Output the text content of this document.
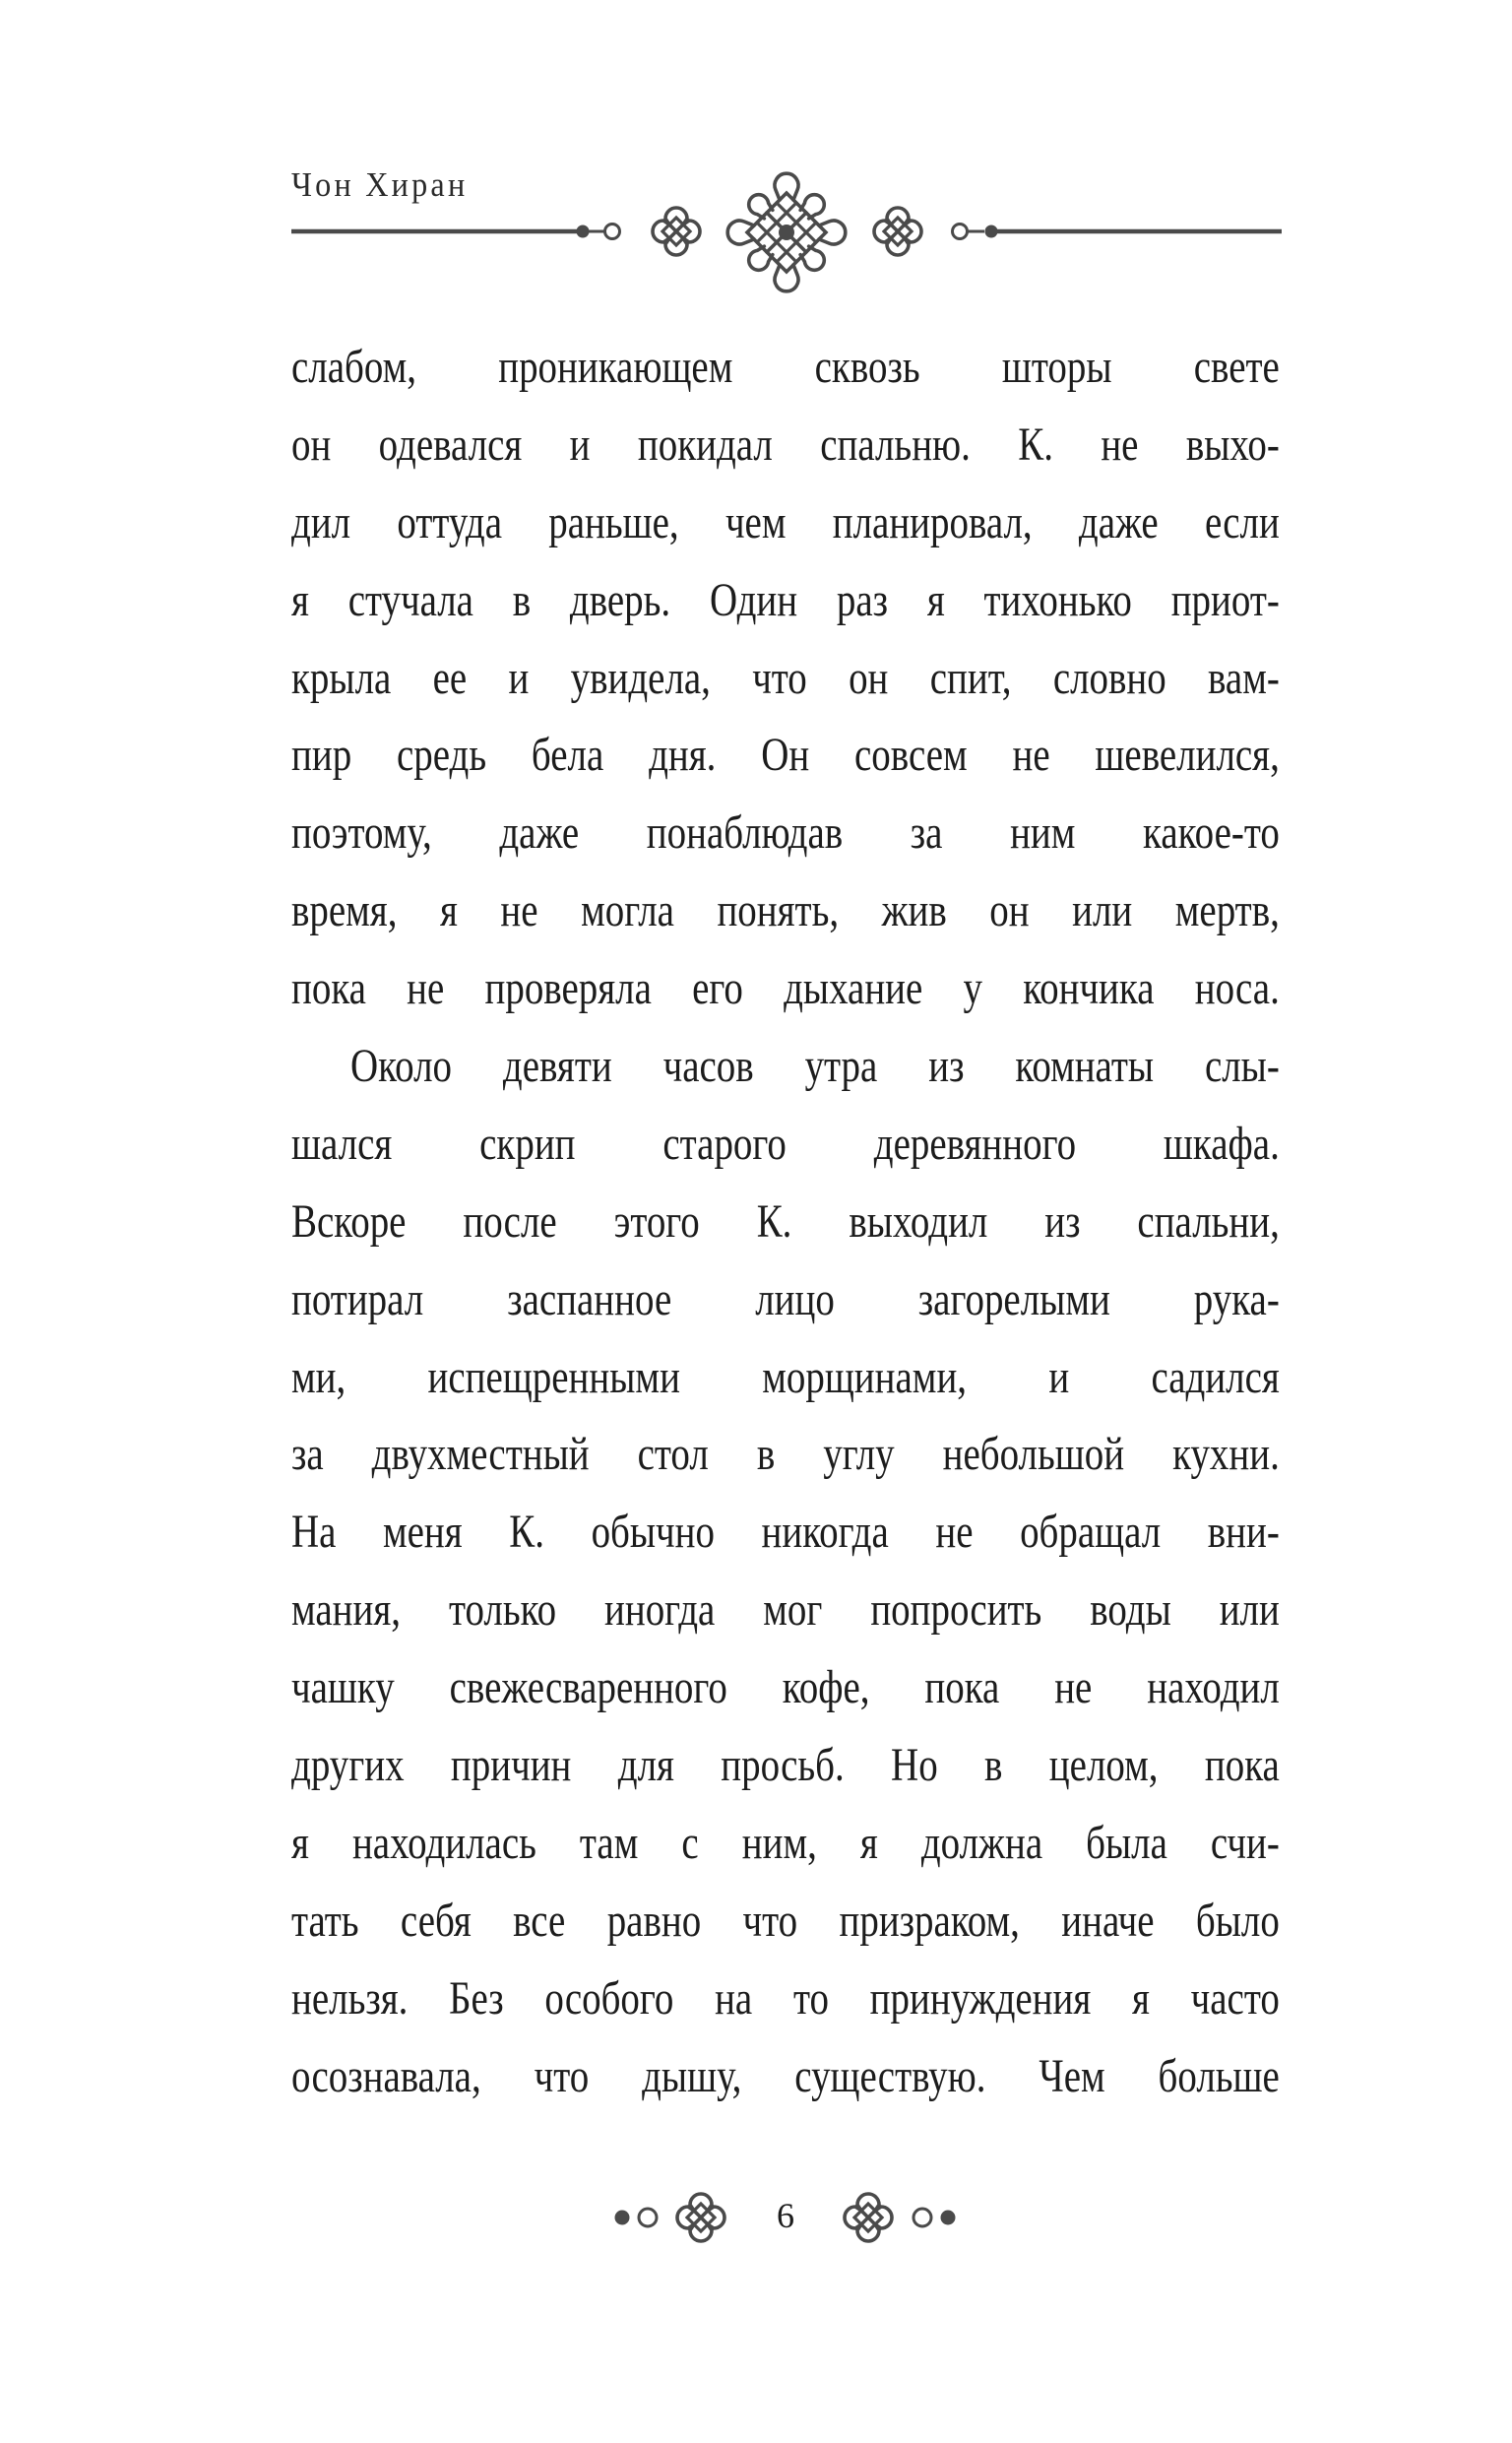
Чон Хиран
слабом, проникающем сквозь шторы свете
он одевался и покидал спальню. К. не выхо-
дил оттуда раньше, чем планировал, даже если
я стучала в дверь. Один раз я тихонько приот-
крыла ее и увидела, что он спит, словно вам-
пир средь бела дня. Он совсем не шевелился,
поэтому, даже понаблюдав за ним какое-то
время, я не могла понять, жив он или мертв,
пока не проверяла его дыхание у кончика носа.
Около девяти часов утра из комнаты слы-
шался скрип старого деревянного шкафа.
Вскоре после этого К. выходил из спальни,
потирал заспанное лицо загорелыми рука-
ми, испещренными морщинами, и садился
за двухместный стол в углу небольшой кухни.
На меня К. обычно никогда не обращал вни-
мания, только иногда мог попросить воды или
чашку свежесваренного кофе, пока не находил
других причин для просьб. Но в целом, пока
я находилась там с ним, я должна была счи-
тать себя все равно что призраком, иначе было
нельзя. Без особого на то принуждения я часто
осознавала, что дышу, существую. Чем больше
6
